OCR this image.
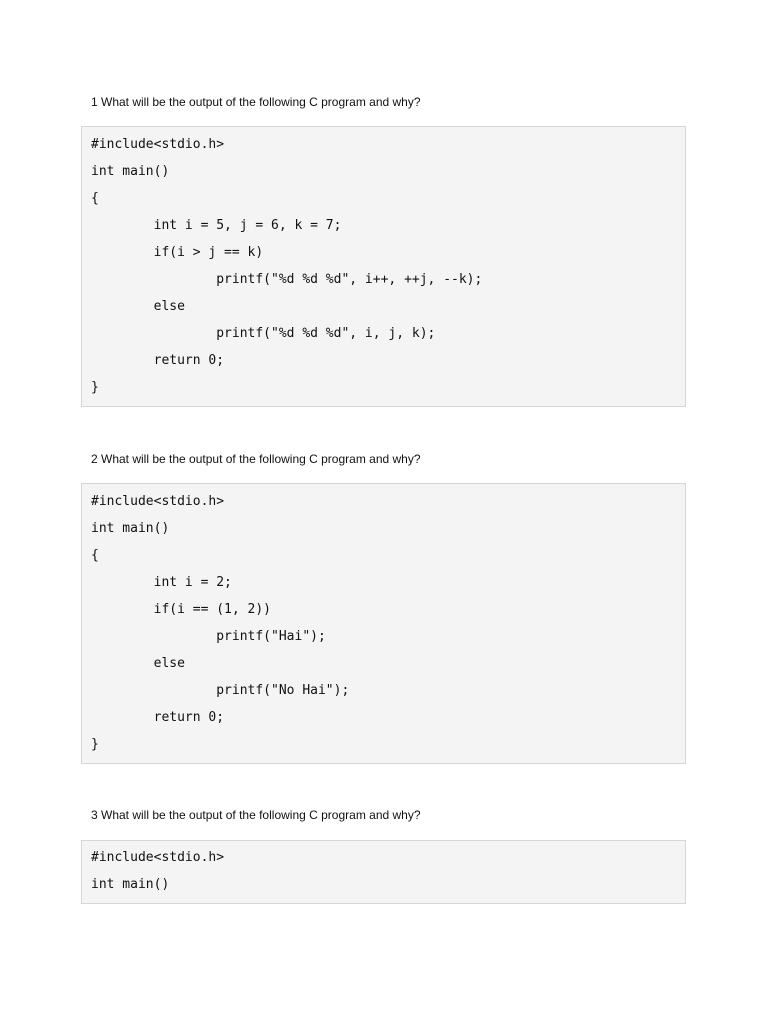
1 What will be the output of the following C program and why?
#include<stdio.h>
int main()
{
int i = 5, j = 6, k = 7;
if(i > j == k)
printf("%d %d %d", i++, ++j, --k);
else
printf("%d %d %d", i, j, k);
return 0;
}
2 What will be the output of the following C program and why?
#include<stdio.h>
int main()
{
int i = 2;
if(i == (1, 2))
printf("Hai");
else
printf("No Hai");
return 0;
}
3 What will be the output of the following C program and why?
#include<stdio.h>
int main()
